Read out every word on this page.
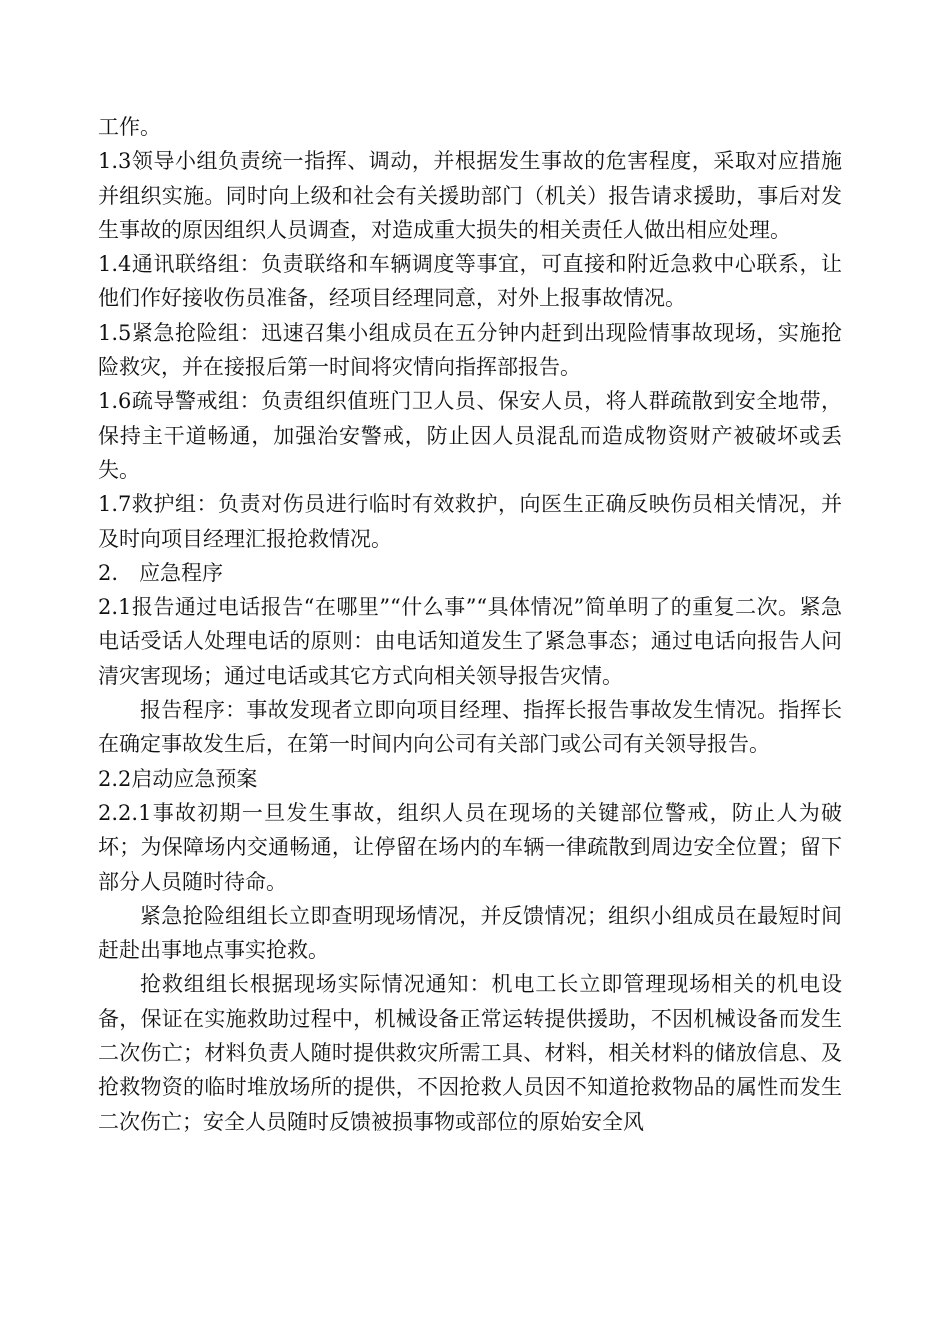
工作。

1.3领导小组负责统一指挥、调动，并根据发生事故的危害程度，采取对应措施并组织实施。同时向上级和社会有关援助部门（机关）报告请求援助，事后对发生事故的原因组织人员调查，对造成重大损失的相关责任人做出相应处理。

1.4通讯联络组：负责联络和车辆调度等事宜，可直接和附近急救中心联系，让他们作好接收伤员准备，经项目经理同意，对外上报事故情况。

1.5紧急抢险组：迅速召集小组成员在五分钟内赶到出现险情事故现场，实施抢险救灾，并在接报后第一时间将灾情向指挥部报告。

1.6疏导警戒组：负责组织值班门卫人员、保安人员，将人群疏散到安全地带，保持主干道畅通，加强治安警戒，防止因人员混乱而造成物资财产被破坏或丢失。

1.7救护组：负责对伤员进行临时有效救护，向医生正确反映伤员相关情况，并及时向项目经理汇报抢救情况。

2.　应急程序

2.1报告通过电话报告“在哪里”“什么事”“具体情况”简单明了的重复二次。紧急电话受话人处理电话的原则：由电话知道发生了紧急事态；通过电话向报告人问清灾害现场；通过电话或其它方式向相关领导报告灾情。

报告程序：事故发现者立即向项目经理、指挥长报告事故发生情况。指挥长在确定事故发生后，在第一时间内向公司有关部门或公司有关领导报告。

2.2启动应急预案

2.2.1事故初期一旦发生事故，组织人员在现场的关键部位警戒，防止人为破坏；为保障场内交通畅通，让停留在场内的车辆一律疏散到周边安全位置；留下部分人员随时待命。

紧急抢险组组长立即查明现场情况，并反馈情况；组织小组成员在最短时间赶赴出事地点事实抢救。

抢救组组长根据现场实际情况通知：机电工长立即管理现场相关的机电设备，保证在实施救助过程中，机械设备正常运转提供援助，不因机械设备而发生二次伤亡；材料负责人随时提供救灾所需工具、材料，相关材料的储放信息、及抢救物资的临时堆放场所的提供，不因抢救人员因不知道抢救物品的属性而发生二次伤亡；安全人员随时反馈被损事物或部位的原始安全风
